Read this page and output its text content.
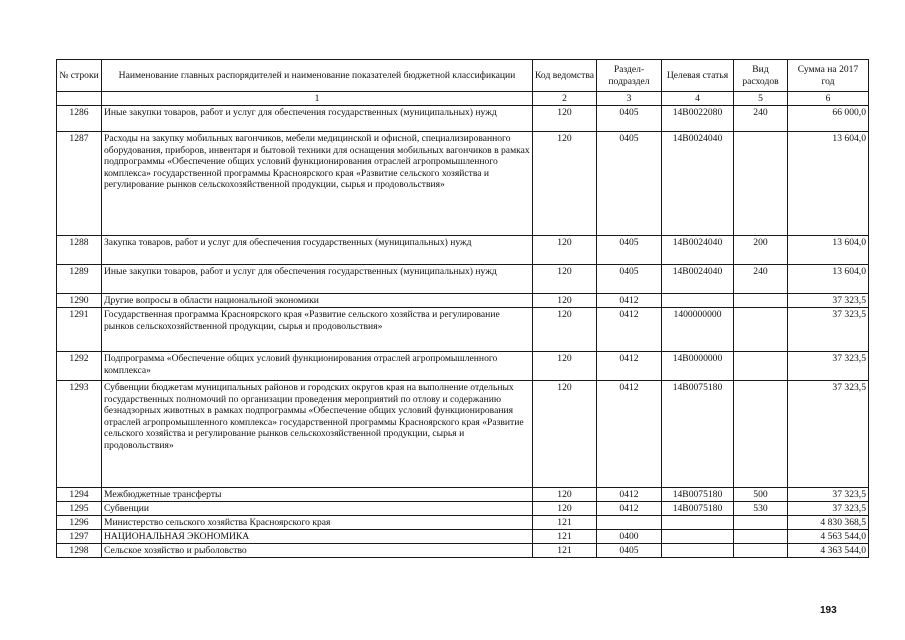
№ строки	Наименование главных распорядителей и наименование показателей бюджетной классификации	Код ведомства	Раздел-подраздел	Целевая статья	Вид расходов	Сумма на 2017 год
	1	2	3	4	5	6
1286	Иные закупки товаров, работ и услуг для обеспечения государственных (муниципальных) нужд	120	0405	14В0022080	240	66 000,0
1287	Расходы на закупку мобильных вагончиков, мебели медицинской и офисной, специализированного оборудования, приборов, инвентаря и бытовой техники для оснащения мобильных вагончиков в рамках подпрограммы «Обеспечение общих условий функционирования отраслей агропромышленного комплекса» государственной программы Красноярского края «Развитие сельского хозяйства и регулирование рынков сельскохозяйственной продукции, сырья и продовольствия»	120	0405	14В0024040		13 604,0
1288	Закупка товаров, работ и услуг для обеспечения государственных (муниципальных) нужд	120	0405	14В0024040	200	13 604,0
1289	Иные закупки товаров, работ и услуг для обеспечения государственных (муниципальных) нужд	120	0405	14В0024040	240	13 604,0
1290	Другие вопросы в области национальной экономики	120	0412			37 323,5
1291	Государственная программа Красноярского края «Развитие сельского хозяйства и регулирование рынков сельскохозяйственной продукции, сырья и продовольствия»	120	0412	1400000000		37 323,5
1292	Подпрограмма «Обеспечение общих условий функционирования отраслей агропромышленного комплекса»	120	0412	14В0000000		37 323,5
1293	Субвенции бюджетам муниципальных районов и городских округов края на выполнение отдельных государственных полномочий по организации проведения мероприятий по отлову и содержанию безнадзорных животных в рамках подпрограммы «Обеспечение общих условий функционирования отраслей агропромышленного комплекса» государственной программы Красноярского края «Развитие сельского хозяйства и регулирование рынков сельскохозяйственной продукции, сырья и продовольствия»	120	0412	14В0075180		37 323,5
1294	Межбюджетные трансферты	120	0412	14В0075180	500	37 323,5
1295	Субвенции	120	0412	14В0075180	530	37 323,5
1296	Министерство сельского хозяйства Красноярского края	121				4 830 368,5
1297	НАЦИОНАЛЬНАЯ ЭКОНОМИКА	121	0400			4 563 544,0
1298	Сельское хозяйство и рыболовство	121	0405			4 363 544,0
193
